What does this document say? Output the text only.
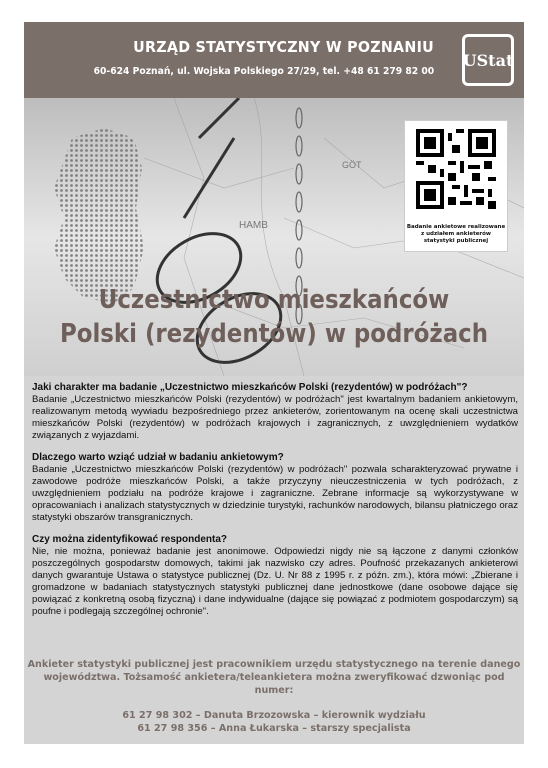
URZĄD STATYSTYCZNY W POZNANIU
60-624 Poznań, ul. Wojska Polskiego 27/29, tel. +48 61 279 82 00
UStat
HAMB
GÖT
Badanie ankietowe realizowane
z udziałem ankieterów
statystyki publicznej
Uczestnictwo mieszkańców
Polski (rezydentów) w podróżach
Jaki charakter ma badanie „Uczestnictwo mieszkańców Polski (rezydentów) w podróżach"?

Badanie „Uczestnictwo mieszkańców Polski (rezydentów) w podróżach" jest kwartalnym badaniem ankietowym, realizowanym metodą wywiadu bezpośredniego przez ankieterów, zorientowanym na ocenę skali uczestnictwa mieszkańców Polski (rezydentów) w podróżach krajowych i zagranicznych, z uwzględnieniem wydatków związanych z wyjazdami.

Dlaczego warto wziąć udział w badaniu ankietowym?

Badanie „Uczestnictwo mieszkańców Polski (rezydentów) w podróżach" pozwala scharakteryzować prywatne i zawodowe podróże mieszkańców Polski, a także przyczyny nieuczestniczenia w tych podróżach, z uwzględnieniem podziału na podróże krajowe i zagraniczne. Zebrane informacje są wykorzystywane w opracowaniach i analizach statystycznych w dziedzinie turystyki, rachunków narodowych, bilansu płatniczego oraz statystyki obszarów transgranicznych.

Czy można zidentyfikować respondenta?

Nie, nie można, ponieważ badanie jest anonimowe. Odpowiedzi nigdy nie są łączone z danymi członków poszczególnych gospodarstw domowych, takimi jak nazwisko czy adres. Poufność przekazanych ankieterowi danych gwarantuje Ustawa o statystyce publicznej (Dz. U. Nr 88 z 1995 r. z późn. zm.), która mówi: „Zbierane i gromadzone w badaniach statystycznych statystyki publicznej dane jednostkowe (dane osobowe dające się powiązać z konkretną osobą fizyczną) i dane indywidualne (dające się powiązać z podmiotem gospodarczym) są poufne i podlegają szczególnej ochronie".

Ankieter statystyki publicznej jest pracownikiem urzędu statystycznego na terenie danego
województwa. Tożsamość ankietera/teleankietera można zweryfikować dzwoniąc pod numer:
61 27 98 302 – Danuta Brzozowska – kierownik wydziału
61 27 98 356 – Anna Łukarska – starszy specjalista
